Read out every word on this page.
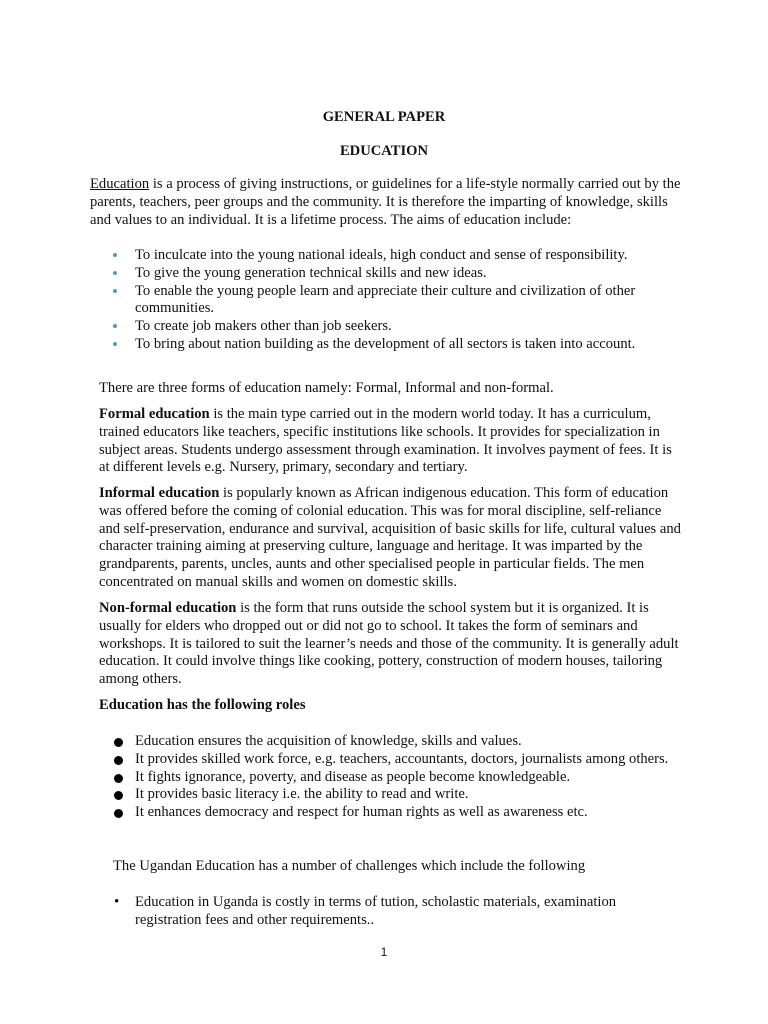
GENERAL PAPER
EDUCATION

Education is a process of giving instructions, or guidelines for a life-style normally carried out by the parents, teachers, peer groups and the community. It is therefore the imparting of knowledge, skills and values to an individual. It is a lifetime process. The aims of education include:

• To inculcate into the young national ideals, high conduct and sense of responsibility.
• To give the young generation technical skills and new ideas.
• To enable the young people learn and appreciate their culture and civilization of other communities.
• To create job makers other than job seekers.
• To bring about nation building as the development of all sectors is taken into account.

There are three forms of education namely: Formal, Informal and non-formal.

Formal education is the main type carried out in the modern world today. It has a curriculum, trained educators like teachers, specific institutions like schools. It provides for specialization in subject areas. Students undergo assessment through examination. It involves payment of fees. It is at different levels e.g. Nursery, primary, secondary and tertiary.

Informal education is popularly known as African indigenous education. This form of education was offered before the coming of colonial education. This was for moral discipline, self-reliance and self-preservation, endurance and survival, acquisition of basic skills for life, cultural values and character training aiming at preserving culture, language and heritage. It was imparted by the grandparents, parents, uncles, aunts and other specialised people in particular fields. The men concentrated on manual skills and women on domestic skills.

Non-formal education is the form that runs outside the school system but it is organized. It is usually for elders who dropped out or did not go to school. It takes the form of seminars and workshops. It is tailored to suit the learner’s needs and those of the community. It is generally adult education. It could involve things like cooking, pottery, construction of modern houses, tailoring among others.

Education has the following roles

Education ensures the acquisition of knowledge, skills and values.
It provides skilled work force, e.g. teachers, accountants, doctors, journalists among others.
It fights ignorance, poverty, and disease as people become knowledgeable.
It provides basic literacy i.e. the ability to read and write.
It enhances democracy and respect for human rights as well as awareness etc.

The Ugandan Education has a number of challenges which include the following

• Education in Uganda is costly in terms of tution, scholastic materials, examination registration fees and other requirements..
1
